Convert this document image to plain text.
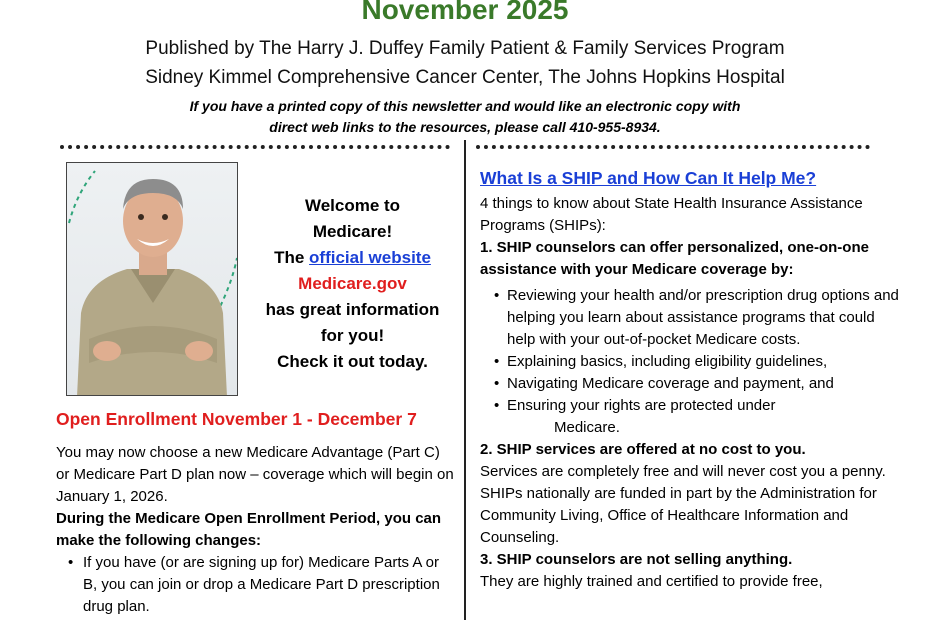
November 2025
Published by The Harry J. Duffey Family Patient & Family Services Program
Sidney Kimmel Comprehensive Cancer Center, The Johns Hopkins Hospital
If you have a printed copy of this newsletter and would like an electronic copy with
direct web links to the resources, please call 410-955-8934.
Welcome to
Medicare!
The official website
Medicare.gov
has great information
for you!
Check it out today.
Open Enrollment November 1 - December 7

You may now choose a new Medicare Advantage (Part C) or Medicare Part D plan now – coverage which will begin on January 1, 2026.

During the Medicare Open Enrollment Period, you can make the following changes:

• If you have (or are signing up for) Medicare Parts A or B, you can join or drop a Medicare Part D prescription drug plan.
What Is a SHIP and How Can It Help Me?

4 things to know about State Health Insurance Assistance Programs (SHIPs):

1. SHIP counselors can offer personalized, one-on-one assistance with your Medicare coverage by:

• Reviewing your health and/or prescription drug options and helping you learn about assistance programs that could help with your out-of-pocket Medicare costs.
• Explaining basics, including eligibility guidelines,
• Navigating Medicare coverage and payment, and
• Ensuring your rights are protected under
Medicare.

2. SHIP services are offered at no cost to you.

Services are completely free and will never cost you a penny. SHIPs nationally are funded in part by the Administration for Community Living, Office of Healthcare Information and Counseling.

3. SHIP counselors are not selling anything.

They are highly trained and certified to provide free,
